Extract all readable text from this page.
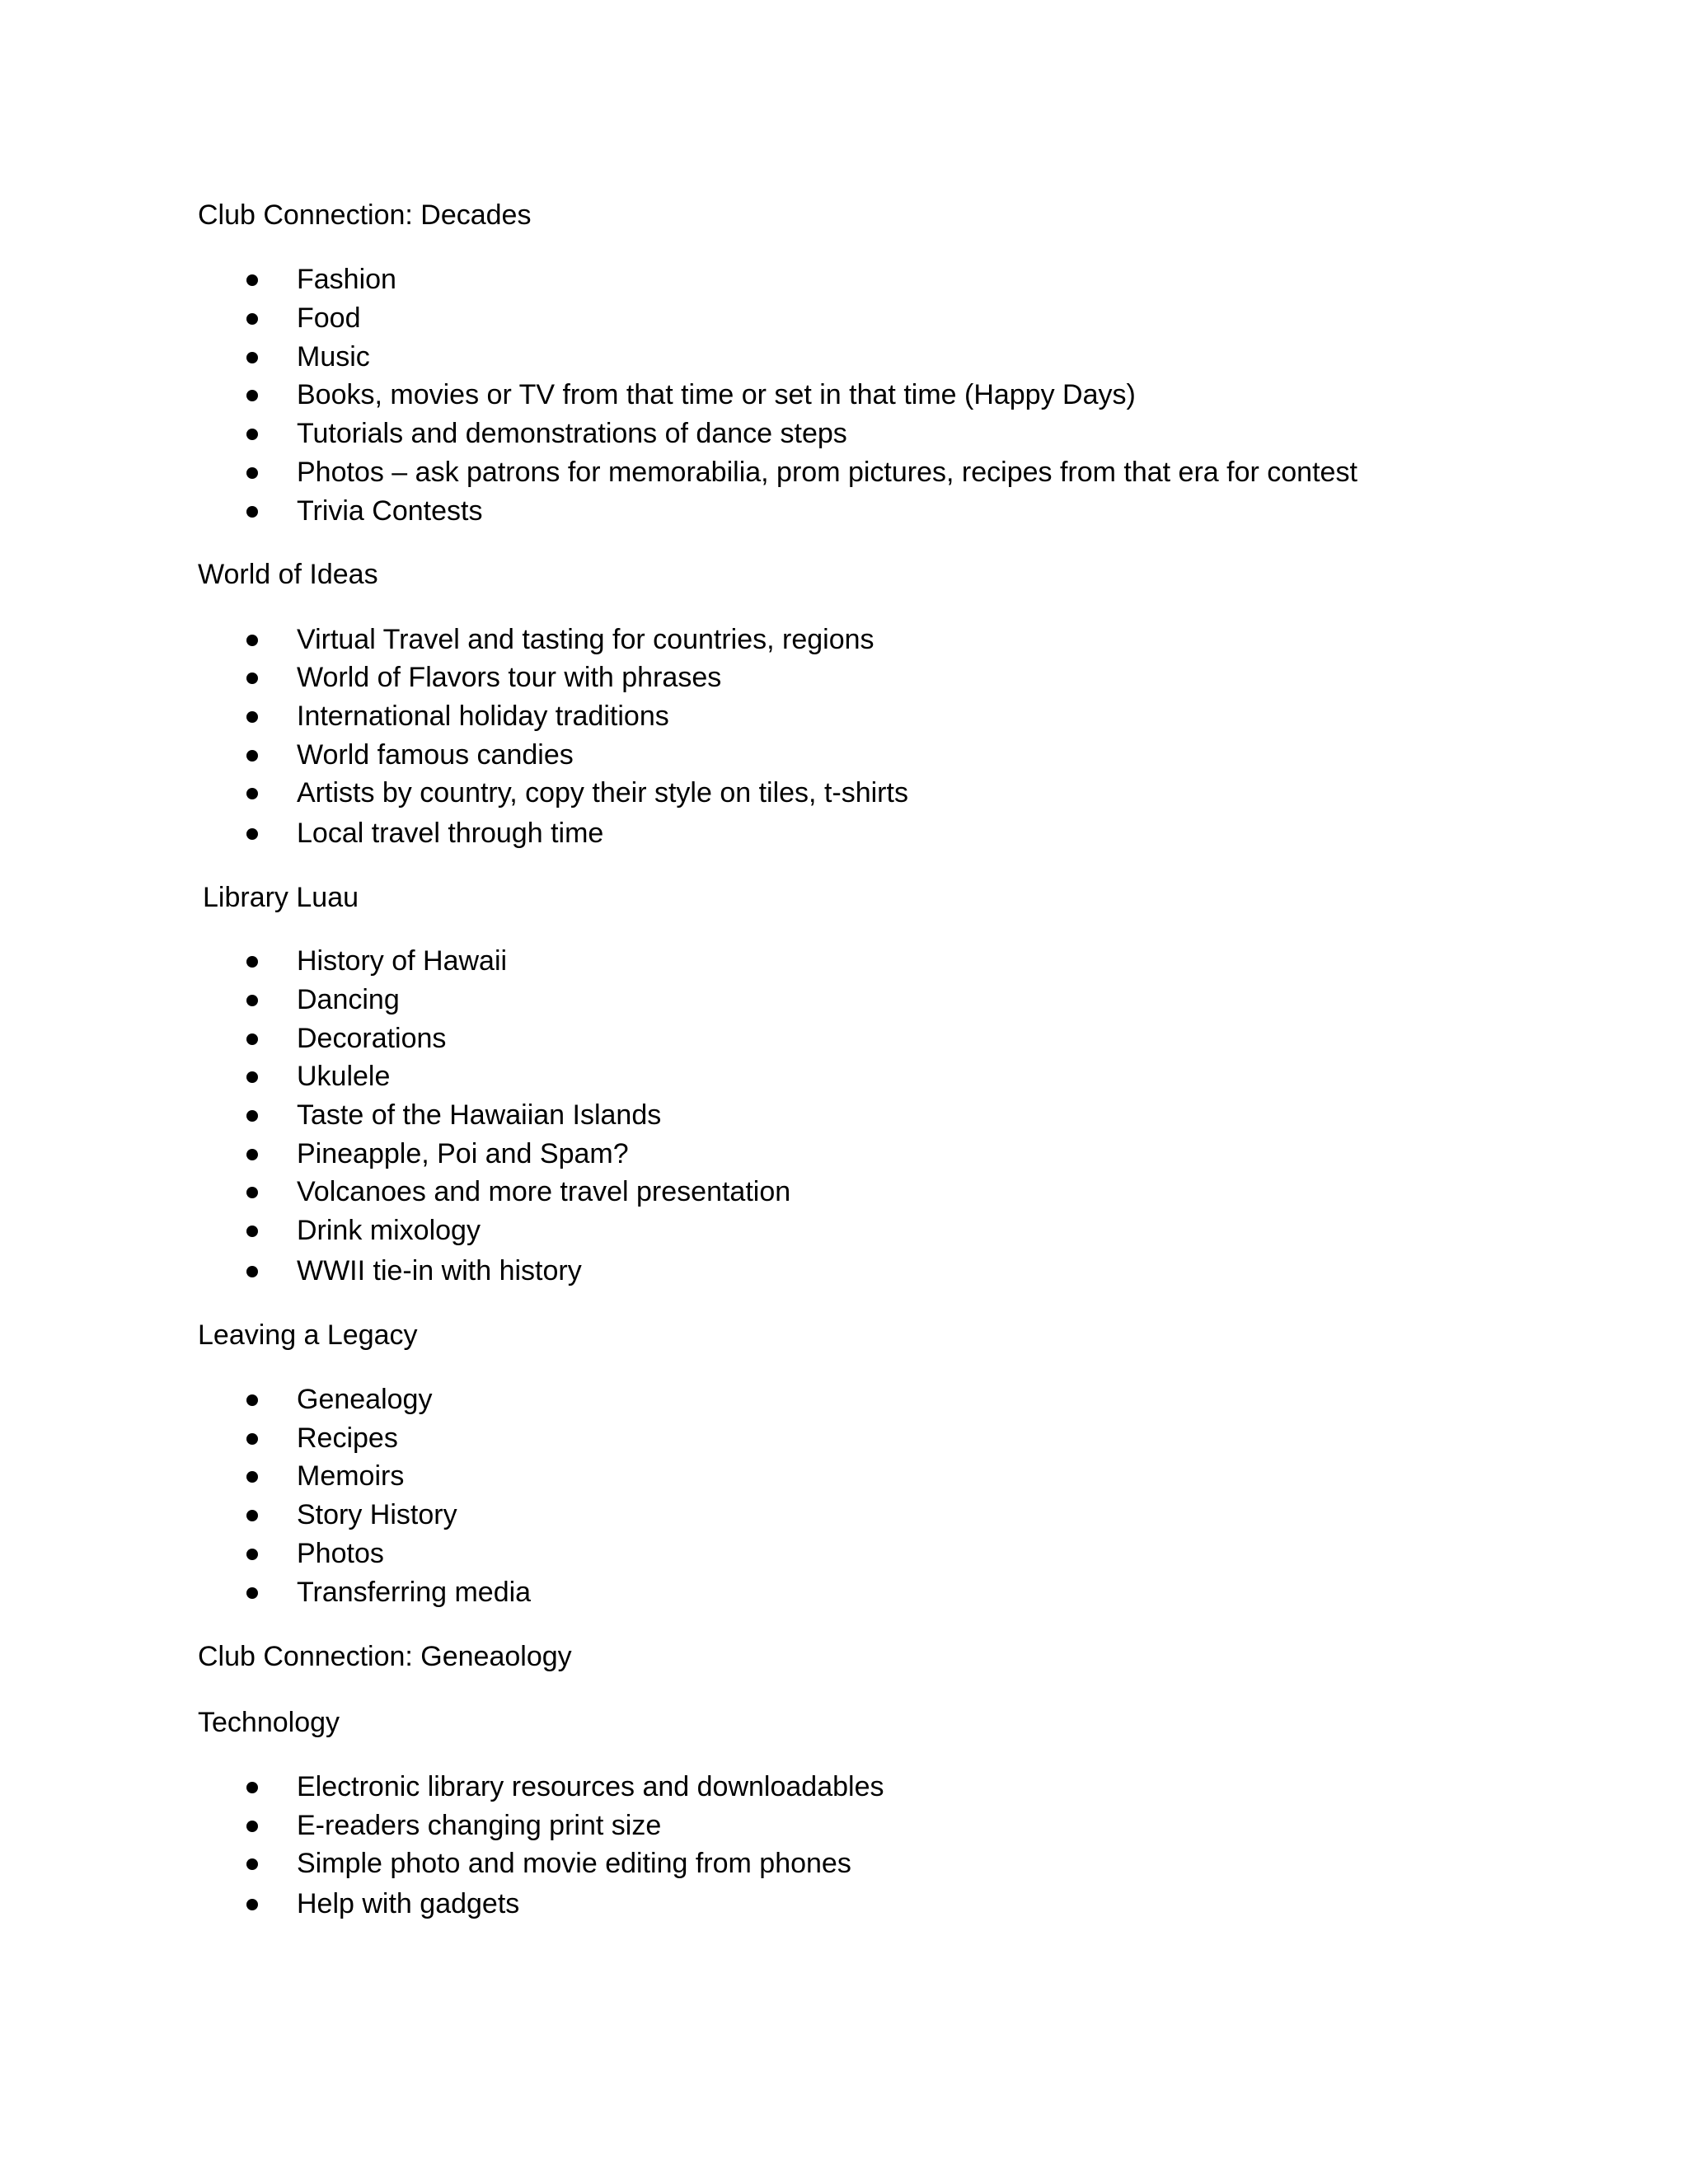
Club Connection: Decades
Fashion
Food
Music
Books, movies or TV from that time or set in that time (Happy Days)
Tutorials and demonstrations of dance steps
Photos – ask patrons for memorabilia, prom pictures, recipes from that era for contest
Trivia Contests
World of Ideas
Virtual Travel and tasting for countries, regions
World of Flavors tour with phrases
International holiday traditions
World famous candies
Artists by country, copy their style on tiles, t-shirts
Local travel through time
Library Luau
History of Hawaii
Dancing
Decorations
Ukulele
Taste of the Hawaiian Islands
Pineapple, Poi and Spam?
Volcanoes and more travel presentation
Drink mixology
WWII tie-in with history
Leaving a Legacy
Genealogy
Recipes
Memoirs
Story History
Photos
Transferring media
Club Connection: Geneaology
Technology
Electronic library resources and downloadables
E-readers changing print size
Simple photo and movie editing from phones
Help with gadgets
